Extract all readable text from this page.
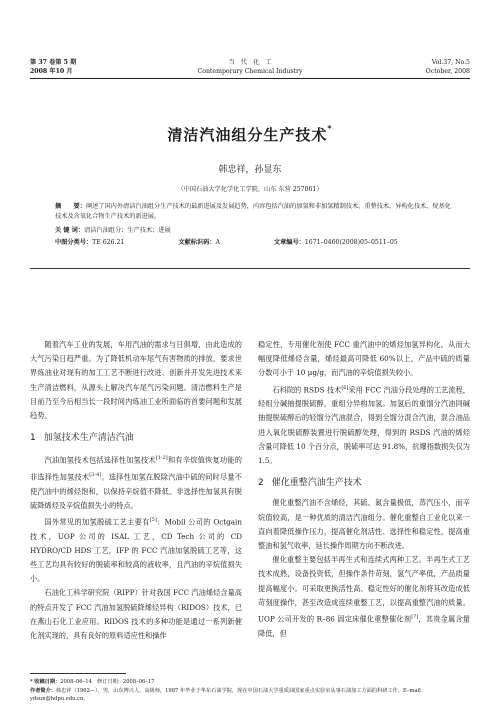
第 37 卷第 5 期
2008 年10 月
当　代　化　工
Contemporary Chemical Industry
Vol.37, No.5
October, 2008
清洁汽油组分生产技术*
韩忠祥，孙显东
（中国石油大学化学化工学院，山东 东营 257061）
摘　　要：阐述了国内外清洁汽油组分生产技术的最新进展及发展趋势，内容包括汽油的加氢和非加氢精制技术、重整技术、异构化技术、烷基化技术及含氧化合物生产技术的新进展。
关 键 词：清洁汽油组分；生产技术；进展
中图分类号：TE 626.21	文献标识码：A	文章编号：1671–0460(2008)05–0511–05

随着汽车工业的发展，车用汽油的需求与日俱增，由此造成的大气污染日趋严重。为了降低机动车尾气有害物质的排放，要求世界炼油业对现有的加工工艺不断进行改进、创新并开发先进技术来生产清洁燃料，从源头上解决汽车尾气污染问题。清洁燃料生产是目前乃至今后相当长一段时间内炼油工业所面临的首要问题和发展趋势。

1 加氢技术生产清洁汽油

汽油加氢技术包括选择性加氢技术[1-2]和有辛烷值恢复功能的非选择性加氢技术[3-4]。选择性加氢在脱除汽油中硫的同时尽量不使汽油中的烯烃饱和，以保持辛烷值不降低。非选择性加氢具有脱硫降烯烃及辛烷值损失小的特点。

国外常见的加氢脱硫工艺主要有[5]：Mobil 公司的 Octgain 技术，UOP 公司的 ISAL 工艺，CD Tech 公司的 CD HYDRO/CD HDS 工艺，IFP 的 FCC 汽油加氢脱硫工艺等，这些工艺均具有较好的脱硫率和较高的液收率，且汽油的辛烷值损失小。

石油化工科学研究院（RIPP）针对我国 FCC 汽油烯烃含量高的特点开发了 FCC 汽油加氢脱硫降烯烃异构（RIDOS）技术，已在燕山石化工业应用。RIDOS 技术的多种功能是通过一系列新催化剂实现的，具有良好的原料适应性和操作

稳定性，专用催化剂使 FCC 重汽油中的烯烃加氢异构化，从而大幅度降低烯烃含量，烯烃最高可降低 60%以上，产品中硫的质量分数可小于 10 μg/g，而汽油的辛烷值损失较小。

石科院的 RSDS 技术[6]采用 FCC 汽油分段处理的工艺流程，轻组分碱抽提脱硫醇，重组分异构加氢。加氢后的重馏分汽油同碱抽提脱硫醇后的轻馏分汽油混合，得到全馏分混合汽油，混合油品进入氧化脱硫醇装置进行脱硫醇处理，得到的 RSDS 汽油的烯烃含量可降低 10 个百分点，脱硫率可达 91.8%，抗爆指数损失仅为 1.5。

2 催化重整汽油生产技术

催化重整汽油不含烯烃，其硫、氮含量极低，蒸汽压小，而辛烷值较高，是一种优质的清洁汽油组分。催化重整自工业化以来一直向着降低操作压力，提高催化剂活性、选择性和稳定性，提高重整油和氢气收率，延长操作周期方向不断改进。

催化重整主要包括半再生式和连续式两种工艺。半再生式工艺技术成熟，设备投资低，但操作条件苛刻，氢气产率低，产品质量提高幅度小。可采取更换活性高、稳定性好的催化剂将其改造成低苛刻度操作，甚至改造成连续重整工艺，以提高重整汽油的质量。UOP 公司开发的 R–86 固定床催化重整催化剂[7]，其贵金属含量降低，但

* 收稿日期：2008–06–14　修订日期：2008–06–17
作者简介：韩忠祥（1962—），男，山东博兴人，高级师，1987 年毕业于华东石油学院，现在中国石油大学重质油国家重点实验室从事石油加工方面的科研工作。E–mail：ydsun@hdpu.edu.cn。
